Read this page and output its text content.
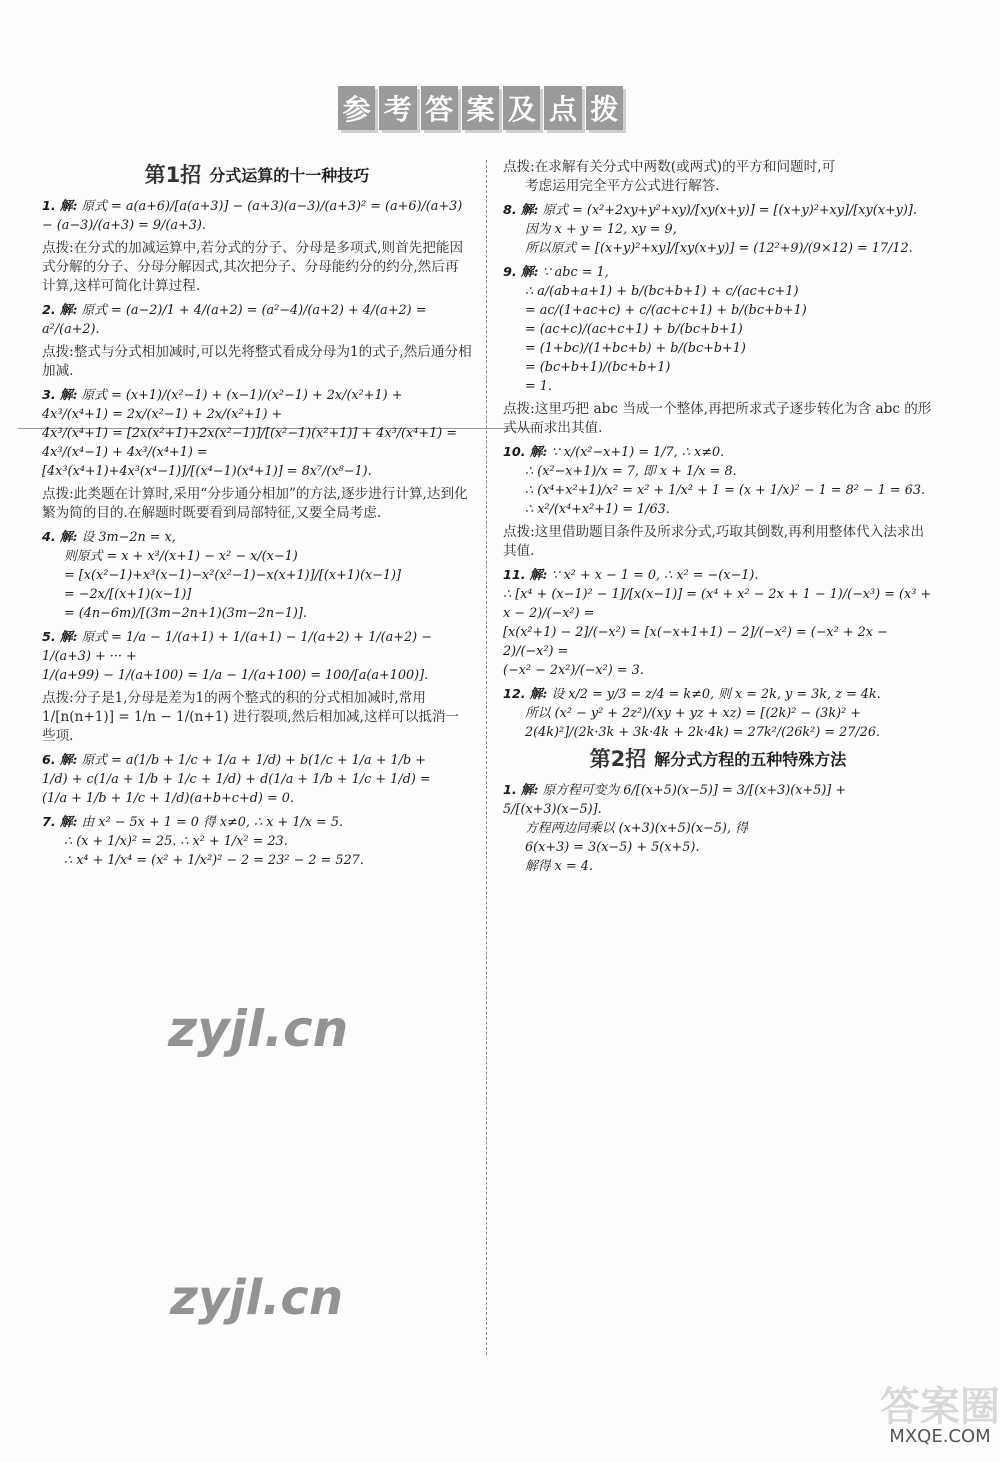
参 考 答 案 及 点 拨
第1招 分式运算的十一种技巧
1. 解: 原式 = a(a+6)/[a(a+3)] − (a+3)(a−3)/(a+3)² = (a+6)/(a+3) − (a−3)/(a+3) = 9/(a+3).
点拨:在分式的加减运算中,若分式的分子、分母是多项式,则首先把能因式分解的分子、分母分解因式,其次把分子、分母能约分的约分,然后再计算,这样可简化计算过程.
2. 解: 原式 = (a−2)/1 + 4/(a+2) = (a²−4)/(a+2) + 4/(a+2) = a²/(a+2).
点拨:整式与分式相加减时,可以先将整式看成分母为1的式子,然后通分相加减.
3. 解: 原式 = (x+1)/(x²−1) + (x−1)/(x²−1) + 2x/(x²+1) + 4x³/(x⁴+1) = 2x/(x²−1) + 2x/(x²+1) +
4x³/(x⁴+1) = [2x(x²+1)+2x(x²−1)]/[(x²−1)(x²+1)] + 4x³/(x⁴+1) = 4x³/(x⁴−1) + 4x³/(x⁴+1) =
[4x³(x⁴+1)+4x³(x⁴−1)]/[(x⁴−1)(x⁴+1)] = 8x⁷/(x⁸−1).
点拨:此类题在计算时,采用“分步通分相加”的方法,逐步进行计算,达到化繁为简的目的.在解题时既要看到局部特征,又要全局考虑.
4. 解: 设 3m−2n = x,
则原式 = x + x³/(x+1) − x² − x/(x−1)
= [x(x²−1)+x³(x−1)−x²(x²−1)−x(x+1)]/[(x+1)(x−1)]
= −2x/[(x+1)(x−1)]
= (4n−6m)/[(3m−2n+1)(3m−2n−1)].
5. 解: 原式 = 1/a − 1/(a+1) + 1/(a+1) − 1/(a+2) + 1/(a+2) − 1/(a+3) + ··· +
1/(a+99) − 1/(a+100) = 1/a − 1/(a+100) = 100/[a(a+100)].
点拨:分子是1,分母是差为1的两个整式的积的分式相加减时,常用 1/[n(n+1)] = 1/n − 1/(n+1) 进行裂项,然后相加减,这样可以抵消一些项.
6. 解: 原式 = a(1/b + 1/c + 1/a + 1/d) + b(1/c + 1/a + 1/b +
1/d) + c(1/a + 1/b + 1/c + 1/d) + d(1/a + 1/b + 1/c + 1/d) =
(1/a + 1/b + 1/c + 1/d)(a+b+c+d) = 0.
7. 解: 由 x² − 5x + 1 = 0 得 x≠0, ∴ x + 1/x = 5.
∴ (x + 1/x)² = 25. ∴ x² + 1/x² = 23.
∴ x⁴ + 1/x⁴ = (x² + 1/x²)² − 2 = 23² − 2 = 527.
点拨:在求解有关分式中两数(或两式)的平方和问题时,可
考虑运用完全平方公式进行解答.
8. 解: 原式 = (x²+2xy+y²+xy)/[xy(x+y)] = [(x+y)²+xy]/[xy(x+y)].
因为 x + y = 12, xy = 9,
所以原式 = [(x+y)²+xy]/[xy(x+y)] = (12²+9)/(9×12) = 17/12.
9. 解: ∵ abc = 1,
∴ a/(ab+a+1) + b/(bc+b+1) + c/(ac+c+1)
= ac/(1+ac+c) + c/(ac+c+1) + b/(bc+b+1)
= (ac+c)/(ac+c+1) + b/(bc+b+1)
= (1+bc)/(1+bc+b) + b/(bc+b+1)
= (bc+b+1)/(bc+b+1)
= 1.
点拨:这里巧把 abc 当成一个整体,再把所求式子逐步转化为含 abc 的形式从而求出其值.
10. 解: ∵ x/(x²−x+1) = 1/7, ∴ x≠0.
∴ (x²−x+1)/x = 7, 即 x + 1/x = 8.
∴ (x⁴+x²+1)/x² = x² + 1/x² + 1 = (x + 1/x)² − 1 = 8² − 1 = 63.
∴ x²/(x⁴+x²+1) = 1/63.
点拨:这里借助题目条件及所求分式,巧取其倒数,再利用整体代入法求出其值.
11. 解: ∵ x² + x − 1 = 0, ∴ x² = −(x−1).
∴ [x⁴ + (x−1)² − 1]/[x(x−1)] = (x⁴ + x² − 2x + 1 − 1)/(−x³) = (x³ + x − 2)/(−x²) =
[x(x²+1) − 2]/(−x²) = [x(−x+1+1) − 2]/(−x²) = (−x² + 2x − 2)/(−x²) =
(−x² − 2x²)/(−x²) = 3.
12. 解: 设 x/2 = y/3 = z/4 = k≠0, 则 x = 2k, y = 3k, z = 4k.
所以 (x² − y² + 2z²)/(xy + yz + xz) = [(2k)² − (3k)² + 2(4k)²]/(2k·3k + 3k·4k + 2k·4k) = 27k²/(26k²) = 27/26.
第2招 解分式方程的五种特殊方法
1. 解: 原方程可变为 6/[(x+5)(x−5)] = 3/[(x+3)(x+5)] +
5/[(x+3)(x−5)].
方程两边同乘以 (x+3)(x+5)(x−5), 得
6(x+3) = 3(x−5) + 5(x+5).
解得 x = 4.
zyjl.cn
zyjl.cn
答案圈
MXQE.COM
